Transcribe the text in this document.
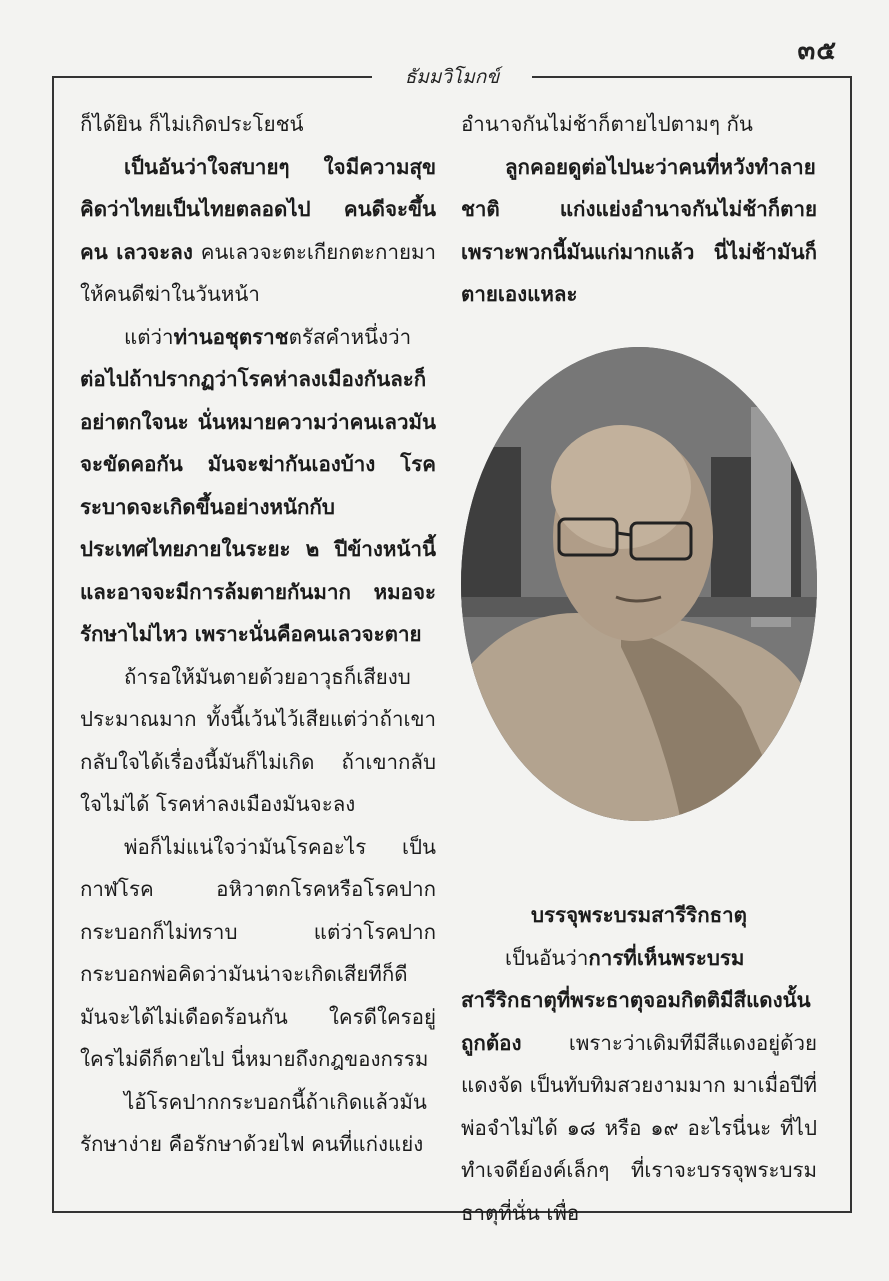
๓๕
ธัมมวิโมกข์

ก็ได้ยิน ก็ไม่เกิดประโยชน์

เป็นอันว่าใจสบายๆ ใจมีความสุข คิดว่าไทยเป็นไทยตลอดไป คนดีจะขึ้นคน เลวจะลง คนเลวจะตะเกียกตะกายมาให้คนดีฆ่าในวันหน้า

แต่ว่าท่านอชุตราชตรัสคำหนึ่งว่า ต่อไปถ้าปรากฏว่าโรคห่าลงเมืองกันละก็อย่าตกใจนะ นั่นหมายความว่าคนเลวมันจะขัดคอกัน มันจะฆ่ากันเองบ้าง โรคระบาดจะเกิดขึ้นอย่างหนักกับประเทศไทยภายในระยะ ๒ ปีข้างหน้านี้ และอาจจะมีการล้มตายกันมาก หมอจะรักษาไม่ไหว เพราะนั่นคือคนเลวจะตาย

ถ้ารอให้มันตายด้วยอาวุธก็เสียงบประมาณมาก ทั้งนี้เว้นไว้เสียแต่ว่าถ้าเขากลับใจได้เรื่องนี้มันก็ไม่เกิด ถ้าเขากลับใจไม่ได้ โรคห่าลงเมืองมันจะลง

พ่อก็ไม่แน่ใจว่ามันโรคอะไร เป็นกาฬโรค อหิวาตกโรคหรือโรคปากกระบอกก็ไม่ทราบ แต่ว่าโรคปากกระบอกพ่อคิดว่ามันน่าจะเกิดเสียทีก็ดี มันจะได้ไม่เดือดร้อนกัน ใครดีใครอยู่ ใครไม่ดีก็ตายไป นี่หมายถึงกฎของกรรม

ไอ้โรคปากกระบอกนี้ถ้าเกิดแล้วมันรักษาง่าย คือรักษาด้วยไฟ คนที่แก่งแย่ง

อำนาจกันไม่ช้าก็ตายไปตามๆ กัน

ลูกคอยดูต่อไปนะว่าคนที่หวังทำลายชาติ แก่งแย่งอำนาจกันไม่ช้าก็ตาย เพราะพวกนี้มันแก่มากแล้ว นี่ไม่ช้ามันก็ตายเองแหละ

บรรจุพระบรมสารีริกธาตุ

เป็นอันว่าการที่เห็นพระบรมสารีริกธาตุที่พระธาตุจอมกิตติมีสีแดงนั้นถูกต้อง เพราะว่าเดิมทีมีสีแดงอยู่ด้วย แดงจัด เป็นทับทิมสวยงามมาก มาเมื่อปีที่พ่อจำไม่ได้ ๑๘ หรือ ๑๙ อะไรนี่นะ ที่ไปทำเจดีย์องค์เล็กๆ ที่เราจะบรรจุพระบรมธาตุที่นั่น เพื่อ
